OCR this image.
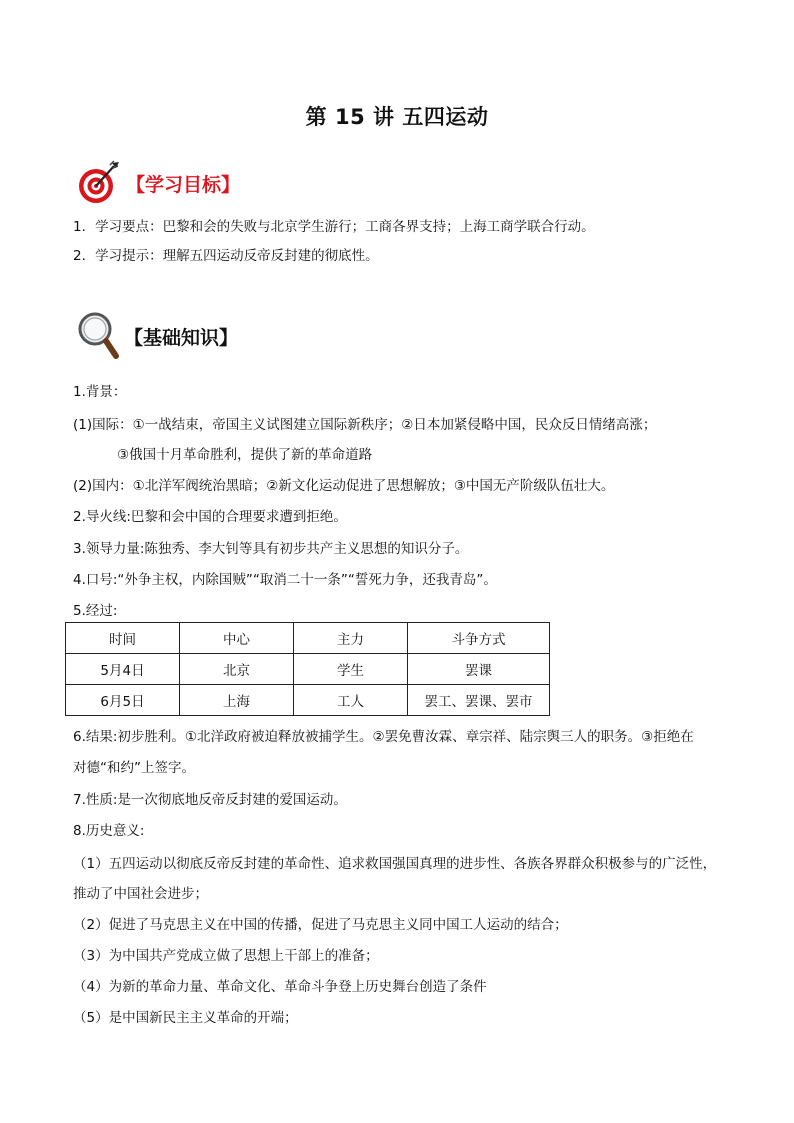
第 15 讲 五四运动
【学习目标】
1．学习要点：巴黎和会的失败与北京学生游行；工商各界支持；上海工商学联合行动。
2．学习提示：理解五四运动反帝反封建的彻底性。
【基础知识】
1.背景：
(1)国际：①一战结束，帝国主义试图建立国际新秩序；②日本加紧侵略中国，民众反日情绪高涨；
③俄国十月革命胜利，提供了新的革命道路
(2)国内：①北洋军阀统治黑暗；②新文化运动促进了思想解放；③中国无产阶级队伍壮大。
2.导火线:巴黎和会中国的合理要求遭到拒绝。
3.领导力量:陈独秀、李大钊等具有初步共产主义思想的知识分子。
4.口号:“外争主权，内除国贼”“取消二十一条”“誓死力争，还我青岛”。
5.经过:
时间	中心	主力	斗争方式
5月4日	北京	学生	罢课
6月5日	上海	工人	罢工、罢课、罢市
6.结果:初步胜利。①北洋政府被迫释放被捕学生。②罢免曹汝霖、章宗祥、陆宗舆三人的职务。③拒绝在
对德“和约”上签字。
7.性质:是一次彻底地反帝反封建的爱国运动。
8.历史意义:
（1）五四运动以彻底反帝反封建的革命性、追求救国强国真理的进步性、各族各界群众积极参与的广泛性，
推动了中国社会进步；
（2）促进了马克思主义在中国的传播，促进了马克思主义同中国工人运动的结合；
（3）为中国共产党成立做了思想上干部上的准备；
（4）为新的革命力量、革命文化、革命斗争登上历史舞台创造了条件
（5）是中国新民主主义革命的开端；
